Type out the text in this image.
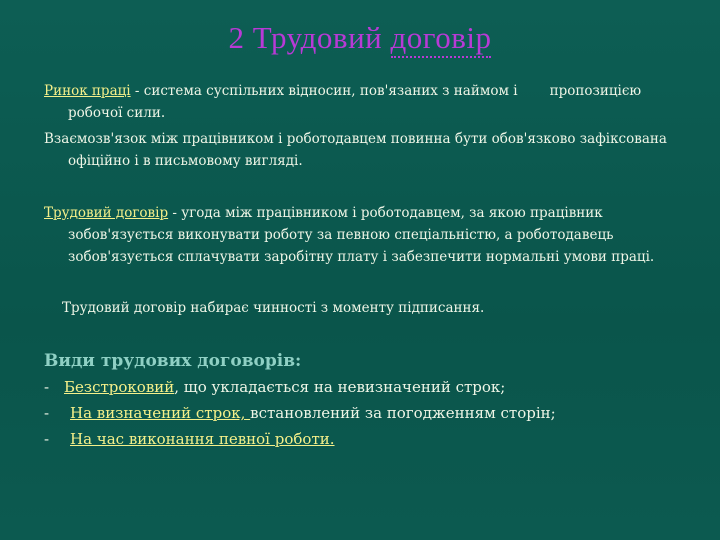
2 Трудовий договір
Ринок праці - система суспільних відносин, пов'язаних з наймом і пропозицією
робочої сили.
Взаємозв'язок між працівником і роботодавцем повинна бути обов'язково зафіксована
офіційно і в письмовому вигляді.
Трудовий договір - угода між працівником і роботодавцем, за якою працівник
зобов'язується виконувати роботу за певною спеціальністю, а роботодавець
зобов'язується сплачувати заробітну плату і забезпечити нормальні умови праці.
Трудовий договір набирає чинності з моменту підписання.
Види трудових договорів:
- Безстроковий, що укладається на невизначений строк;
-	На визначений строк, встановлений за погодженням сторін;
-	На час виконання певної роботи.
